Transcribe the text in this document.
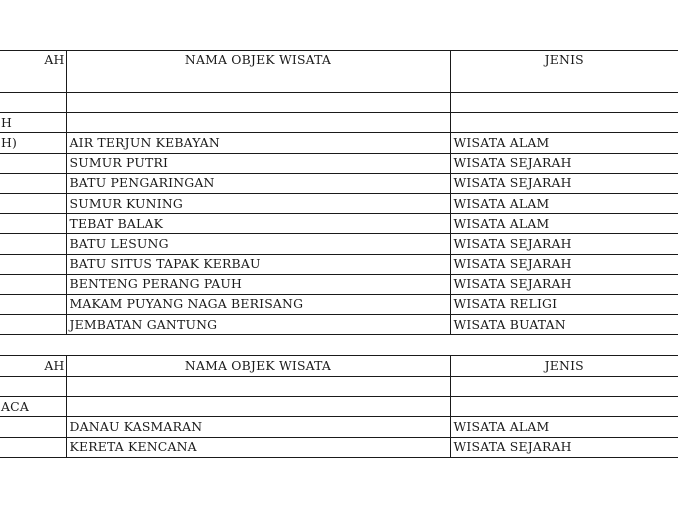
AH	NAMA OBJEK WISATA	JENIS

H		
H)	AIR TERJUN KEBAYAN	WISATA ALAM
	SUMUR PUTRI	WISATA SEJARAH
	BATU PENGARINGAN	WISATA SEJARAH
	SUMUR KUNING	WISATA ALAM
	TEBAT BALAK	WISATA ALAM
	BATU LESUNG	WISATA SEJARAH
	BATU SITUS TAPAK KERBAU	WISATA SEJARAH
	BENTENG PERANG PAUH	WISATA SEJARAH
	MAKAM PUYANG NAGA BERISANG	WISATA RELIGI
	JEMBATAN GANTUNG	WISATA BUATAN
AH	NAMA OBJEK WISATA	JENIS

ACA		
	DANAU KASMARAN	WISATA ALAM
	KERETA KENCANA	WISATA SEJARAH
